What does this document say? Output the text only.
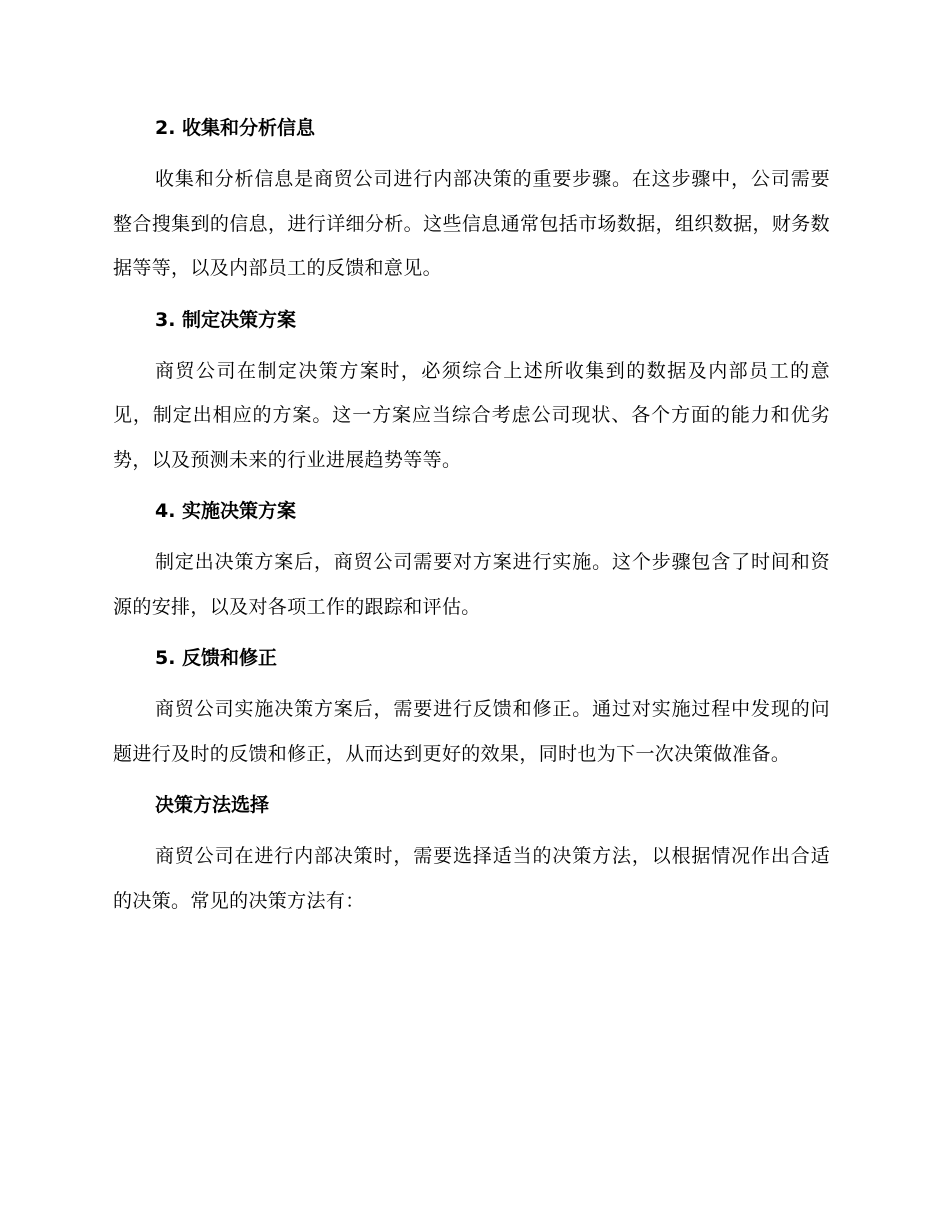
2. 收集和分析信息

收集和分析信息是商贸公司进行内部决策的重要步骤。在这步骤中，公司需要整合搜集到的信息，进行详细分析。这些信息通常包括市场数据，组织数据，财务数据等等，以及内部员工的反馈和意见。

3. 制定决策方案

商贸公司在制定决策方案时，必须综合上述所收集到的数据及内部员工的意见，制定出相应的方案。这一方案应当综合考虑公司现状、各个方面的能力和优劣势，以及预测未来的行业进展趋势等等。

4. 实施决策方案

制定出决策方案后，商贸公司需要对方案进行实施。这个步骤包含了时间和资源的安排，以及对各项工作的跟踪和评估。

5. 反馈和修正

商贸公司实施决策方案后，需要进行反馈和修正。通过对实施过程中发现的问题进行及时的反馈和修正，从而达到更好的效果，同时也为下一次决策做准备。

决策方法选择

商贸公司在进行内部决策时，需要选择适当的决策方法，以根据情况作出合适的决策。常见的决策方法有：
